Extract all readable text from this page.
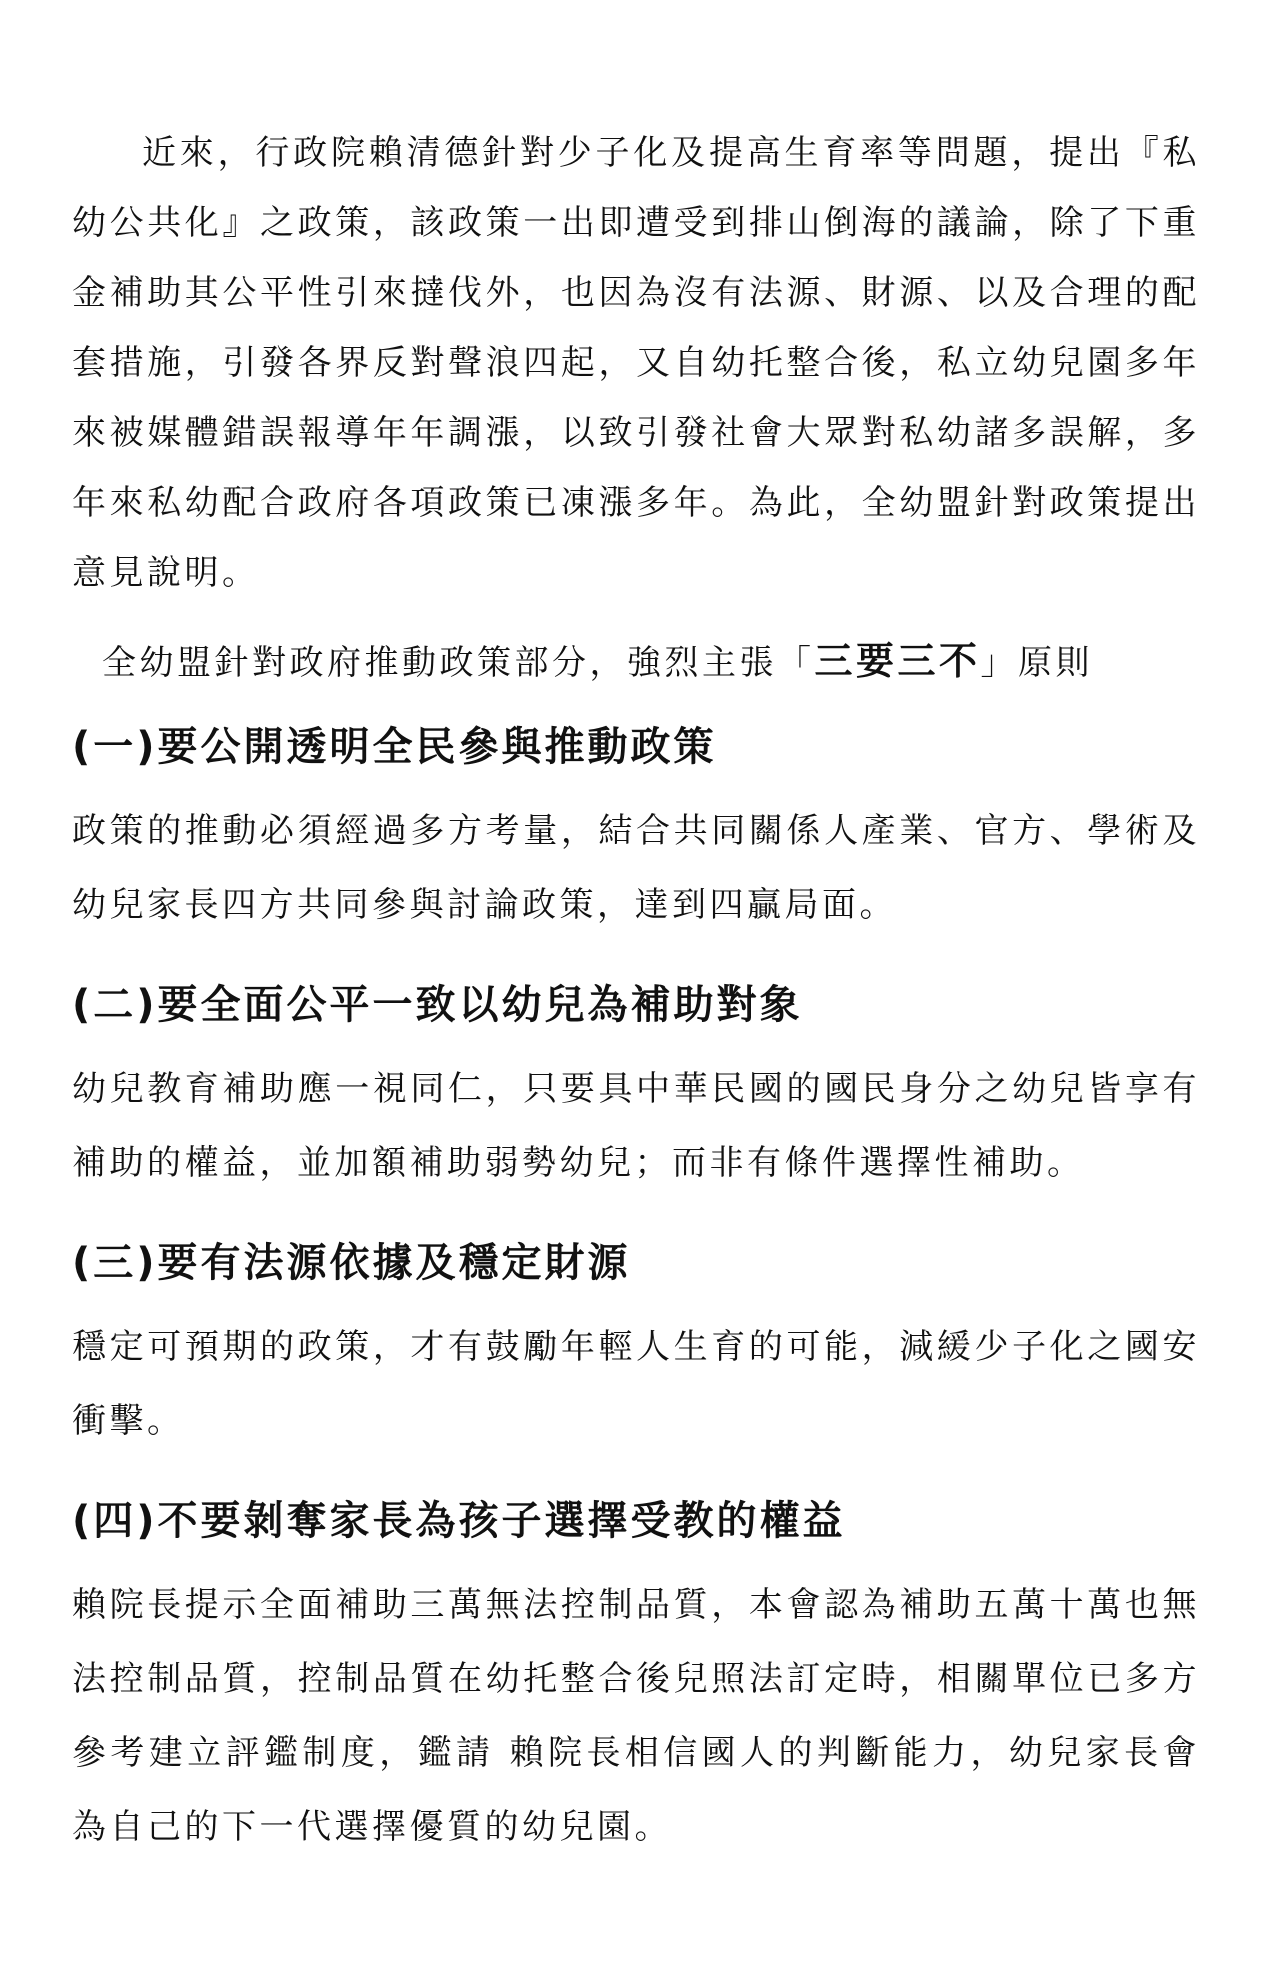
近來，行政院賴清德針對少子化及提高生育率等問題，提出『私幼公共化』之政策，該政策一出即遭受到排山倒海的議論，除了下重金補助其公平性引來撻伐外，也因為沒有法源、財源、以及合理的配套措施，引發各界反對聲浪四起，又自幼托整合後，私立幼兒園多年來被媒體錯誤報導年年調漲，以致引發社會大眾對私幼諸多誤解，多年來私幼配合政府各項政策已凍漲多年。為此，全幼盟針對政策提出意見說明。

全幼盟針對政府推動政策部分，強烈主張「三要三不」原則

(一)要公開透明全民參與推動政策

政策的推動必須經過多方考量，結合共同關係人產業、官方、學術及幼兒家長四方共同參與討論政策，達到四贏局面。

(二)要全面公平一致以幼兒為補助對象

幼兒教育補助應一視同仁，只要具中華民國的國民身分之幼兒皆享有補助的權益，並加額補助弱勢幼兒；而非有條件選擇性補助。

(三)要有法源依據及穩定財源

穩定可預期的政策，才有鼓勵年輕人生育的可能，減緩少子化之國安衝擊。

(四)不要剝奪家長為孩子選擇受教的權益

賴院長提示全面補助三萬無法控制品質，本會認為補助五萬十萬也無法控制品質，控制品質在幼托整合後兒照法訂定時，相關單位已多方參考建立評鑑制度，鑑請 賴院長相信國人的判斷能力，幼兒家長會為自己的下一代選擇優質的幼兒園。
